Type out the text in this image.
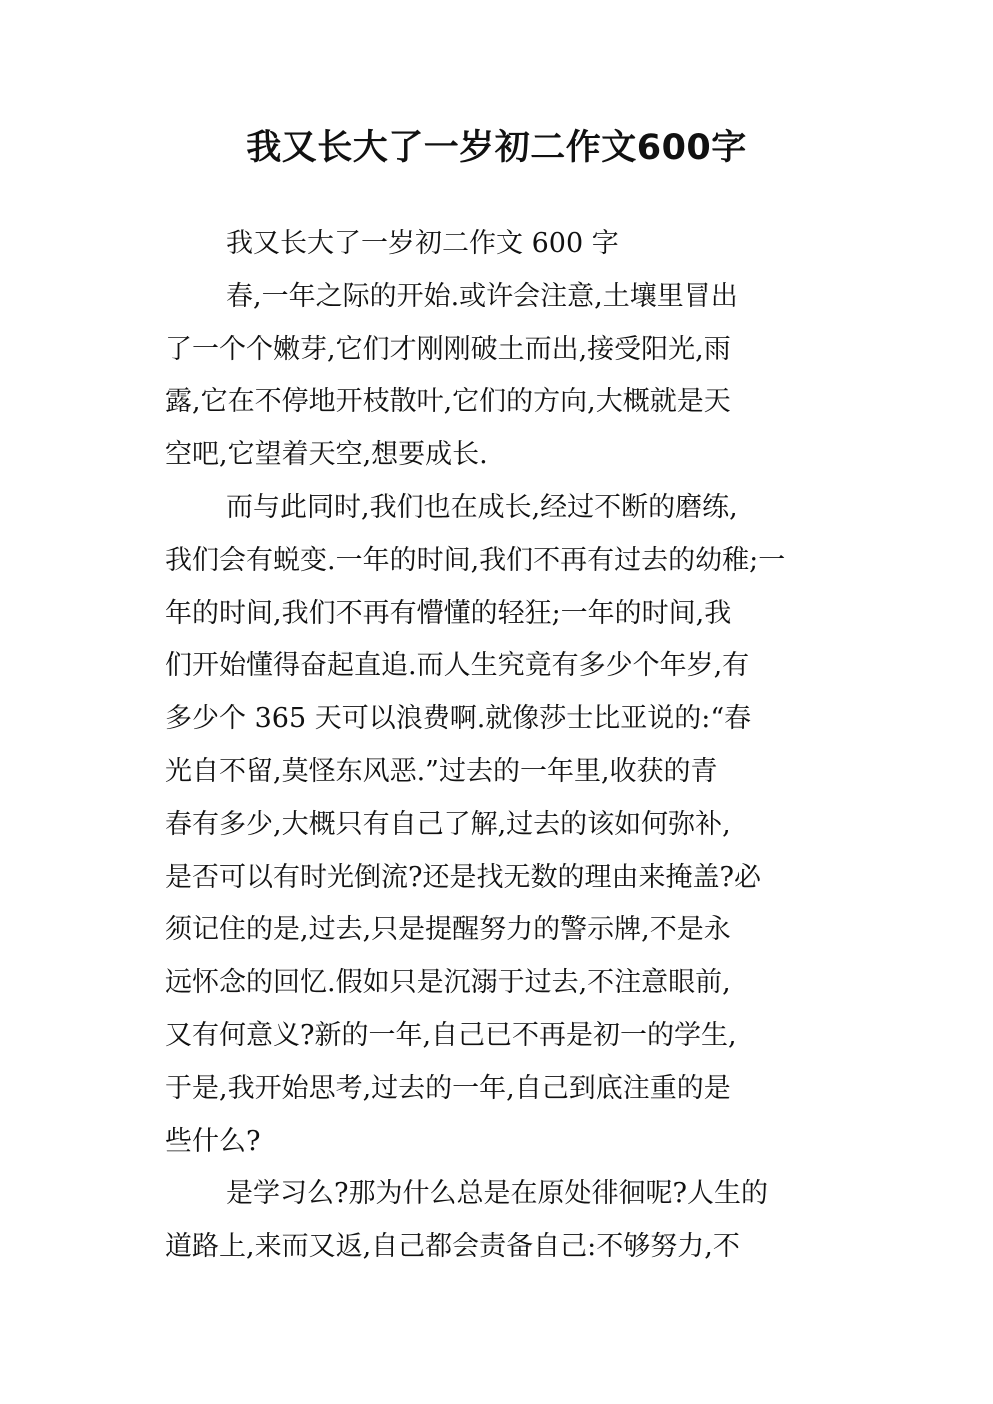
我又长大了一岁初二作文600字
我又长大了一岁初二作文 600 字
春,一年之际的开始.或许会注意,土壤里冒出
了一个个嫩芽,它们才刚刚破土而出,接受阳光,雨
露,它在不停地开枝散叶,它们的方向,大概就是天
空吧,它望着天空,想要成长.
而与此同时,我们也在成长,经过不断的磨练,
我们会有蜕变.一年的时间,我们不再有过去的幼稚;一
年的时间,我们不再有懵懂的轻狂;一年的时间,我
们开始懂得奋起直追.而人生究竟有多少个年岁,有
多少个 365 天可以浪费啊.就像莎士比亚说的:“春
光自不留,莫怪东风恶.”过去的一年里,收获的青
春有多少,大概只有自己了解,过去的该如何弥补,
是否可以有时光倒流?还是找无数的理由来掩盖?必
须记住的是,过去,只是提醒努力的警示牌,不是永
远怀念的回忆.假如只是沉溺于过去,不注意眼前,
又有何意义?新的一年,自己已不再是初一的学生,
于是,我开始思考,过去的一年,自己到底注重的是
些什么?
是学习么?那为什么总是在原处徘徊呢?人生的
道路上,来而又返,自己都会责备自己:不够努力,不
